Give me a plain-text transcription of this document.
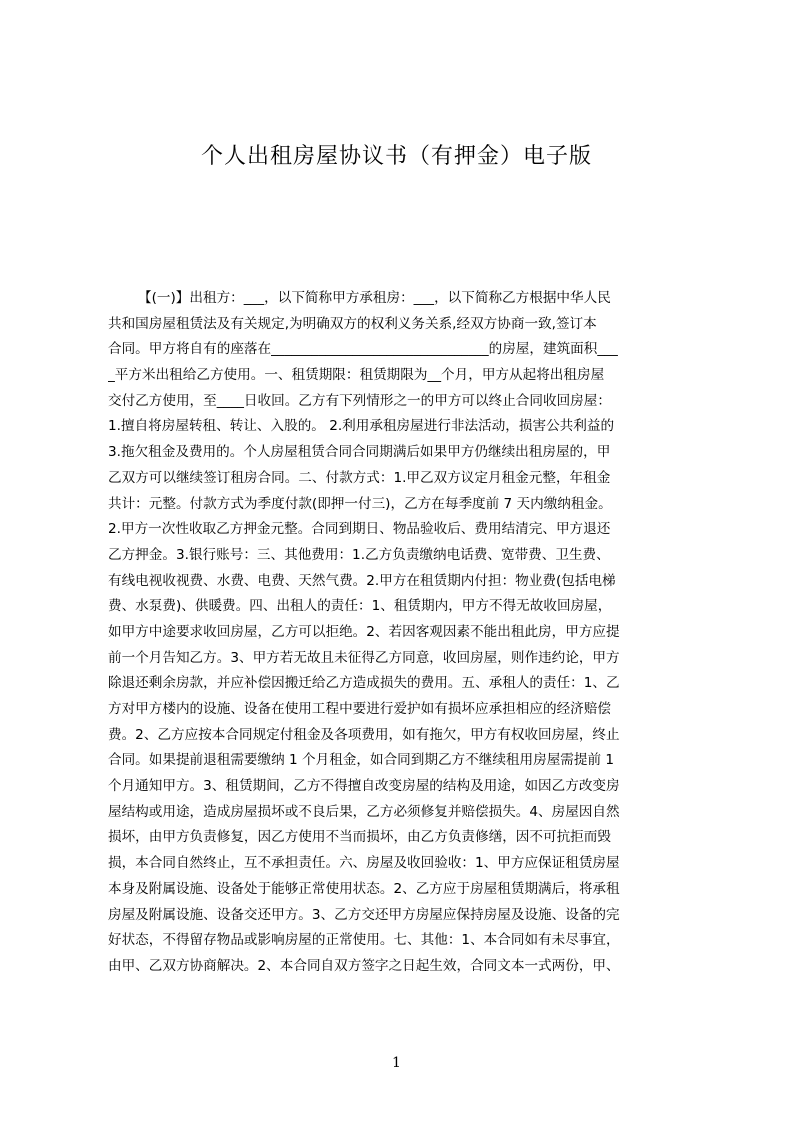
个人出租房屋协议书（有押金）电子版
【(一)】出租方：___，以下简称甲方承租房：___，以下简称乙方根据中华人民
共和国房屋租赁法及有关规定,为明确双方的权利义务关系,经双方协商一致,签订本
合同。甲方将自有的座落在________________________________的房屋，建筑面积___
_平方米出租给乙方使用。一、租赁期限：租赁期限为__个月，甲方从起将出租房屋
交付乙方使用，至____日收回。乙方有下列情形之一的甲方可以终止合同收回房屋：
1.擅自将房屋转租、转让、入股的。 2.利用承租房屋进行非法活动，损害公共利益的
3.拖欠租金及费用的。个人房屋租赁合同合同期满后如果甲方仍继续出租房屋的，甲
乙双方可以继续签订租房合同。二、付款方式：1.甲乙双方议定月租金元整，年租金
共计：元整。付款方式为季度付款(即押一付三)，乙方在每季度前 7 天内缴纳租金。
2.甲方一次性收取乙方押金元整。合同到期日、物品验收后、费用结清完、甲方退还
乙方押金。3.银行账号：三、其他费用：1.乙方负责缴纳电话费、宽带费、卫生费、
有线电视收视费、水费、电费、天然气费。2.甲方在租赁期内付担：物业费(包括电梯
费、水泵费)、供暖费。四、出租人的责任：1、租赁期内，甲方不得无故收回房屋，
如甲方中途要求收回房屋，乙方可以拒绝。2、若因客观因素不能出租此房，甲方应提
前一个月告知乙方。3、甲方若无故且未征得乙方同意，收回房屋，则作违约论，甲方
除退还剩余房款，并应补偿因搬迁给乙方造成损失的费用。五、承租人的责任：1、乙
方对甲方楼内的设施、设备在使用工程中要进行爱护如有损坏应承担相应的经济赔偿
费。2、乙方应按本合同规定付租金及各项费用，如有拖欠，甲方有权收回房屋，终止
合同。如果提前退租需要缴纳 1 个月租金，如合同到期乙方不继续租用房屋需提前 1
个月通知甲方。3、租赁期间，乙方不得擅自改变房屋的结构及用途，如因乙方改变房
屋结构或用途，造成房屋损坏或不良后果，乙方必须修复并赔偿损失。4、房屋因自然
损坏，由甲方负责修复，因乙方使用不当而损坏，由乙方负责修缮，因不可抗拒而毁
损，本合同自然终止，互不承担责任。六、房屋及收回验收：1、甲方应保证租赁房屋
本身及附属设施、设备处于能够正常使用状态。2、乙方应于房屋租赁期满后，将承租
房屋及附属设施、设备交还甲方。3、乙方交还甲方房屋应保持房屋及设施、设备的完
好状态，不得留存物品或影响房屋的正常使用。七、其他：1、本合同如有未尽事宜，
由甲、乙双方协商解决。2、本合同自双方签字之日起生效，合同文本一式两份，甲、
1
